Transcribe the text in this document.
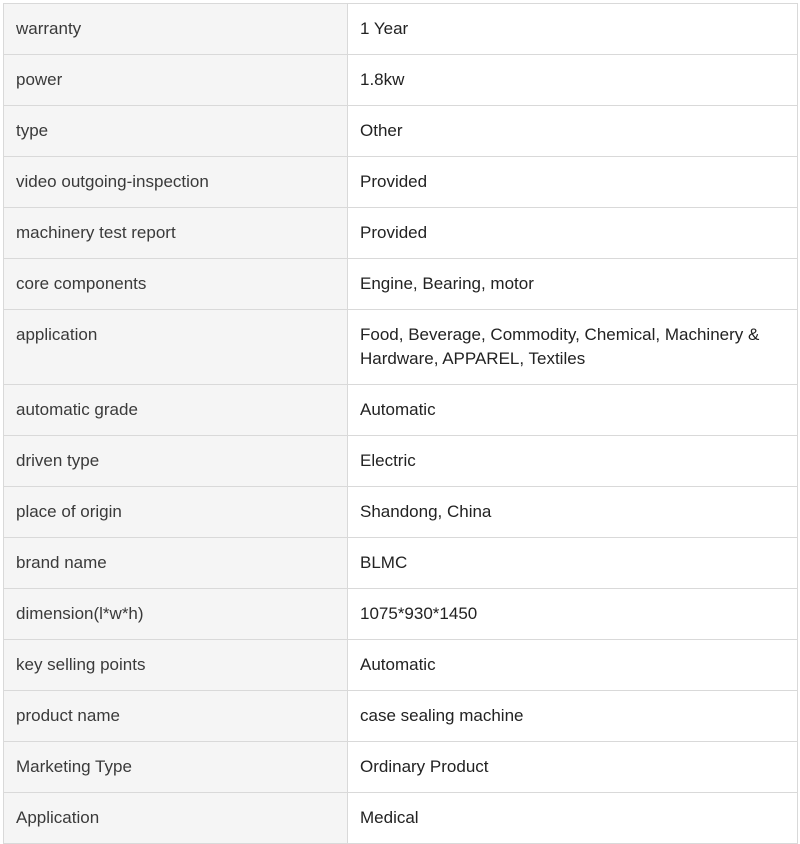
warranty	1 Year
power	1.8kw
type	Other
video outgoing-inspection	Provided
machinery test report	Provided
core components	Engine, Bearing, motor
application	Food, Beverage, Commodity, Chemical, Machinery & Hardware, APPAREL, Textiles
automatic grade	Automatic
driven type	Electric
place of origin	Shandong, China
brand name	BLMC
dimension(l*w*h)	1075*930*1450
key selling points	Automatic
product name	case sealing machine
Marketing Type	Ordinary Product
Application	Medical
